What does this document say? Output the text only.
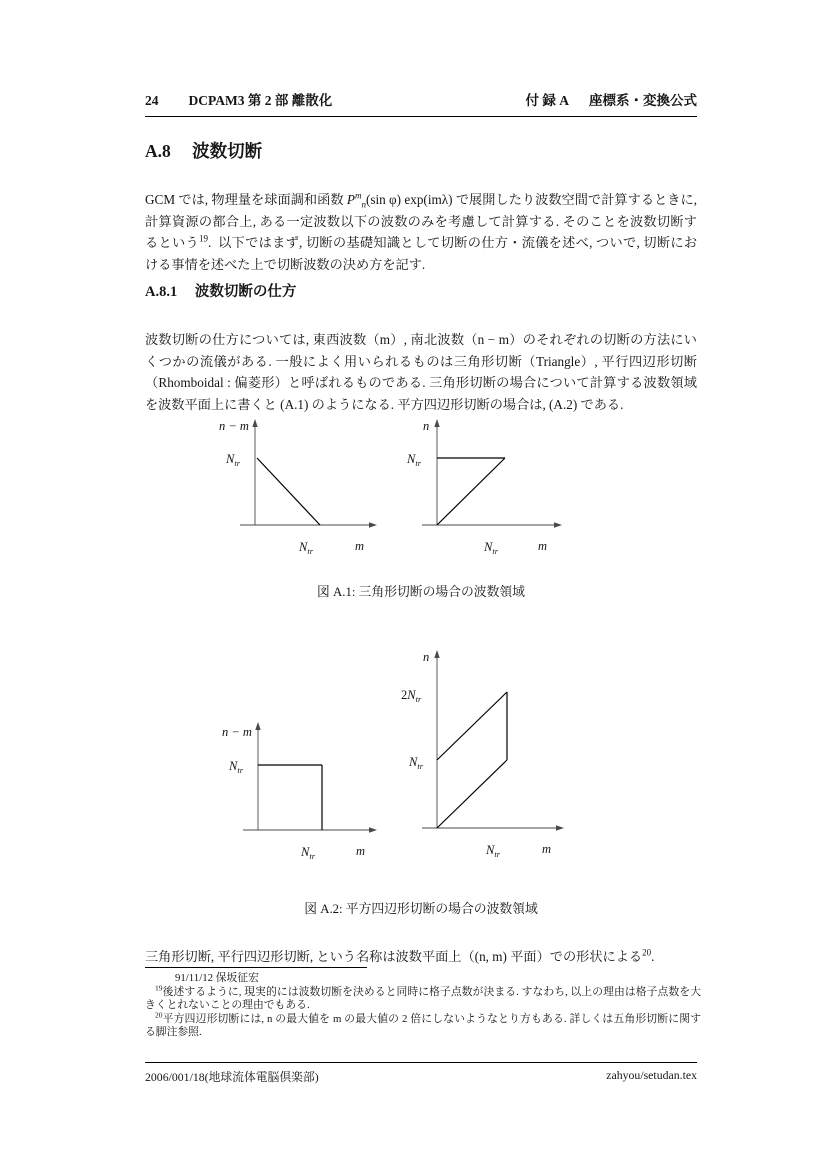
24 DCPAM3 第 2 部 離散化	付 録 A 座標系・変換公式
A.8 波数切断

GCM では, 物理量を球面調和函数 $P^m_n(\sin$ φ) exp(imλ) で展開したり波数空間で計算するときに, 計算資源の都合上, ある一定波数以下の波数のみを考慮して計算する. そのことを波数切断するという$^{19}$. 以下ではまず, 切断の基礎知識として切断の仕方・流儀を述べ, ついで, 切断における事情を述べた上で切断波数の決め方を記す.

A.8.1 波数切断の仕方

波数切断の仕方については, 東西波数（m）, 南北波数（n − m）のそれぞれの切断の方法にいくつかの流儀がある. 一般によく用いられるものは三角形切断（Triangle）, 平行四辺形切断（Rhomboidal : 偏菱形）と呼ばれるものである. 三角形切断の場合について計算する波数領域を波数平面上に書くと (A.1) のようになる. 平方四辺形切断の場合は, (A.2) である.

n − m
$N_{tr}$
$N_{tr}$	m
n
$N_{tr}$
$N_{tr}$	m
図 A.1: 三角形切断の場合の波数領域
n − m
$N_{tr}$
$N_{tr}$	m
n
$2N_{tr}$
$N_{tr}$
$N_{tr}$	m
図 A.2: 平方四辺形切断の場合の波数領域

三角形切断, 平行四辺形切断, という名称は波数平面上（(n, m) 平面）での形状による$^{20}$.

91/11/12 保坂征宏

$^{19}$後述するように, 現実的には波数切断を決めると同時に格子点数が決まる. すなわち, 以上の理由は格子点数を大きくとれないことの理由でもある.

$^{20}$平方四辺形切断には, n の最大値を m の最大値の 2 倍にしないようなとり方もある. 詳しくは五角形切断に関する脚注参照.

2006/001/18(地球流体電脳倶楽部)	zahyou/setudan.tex
